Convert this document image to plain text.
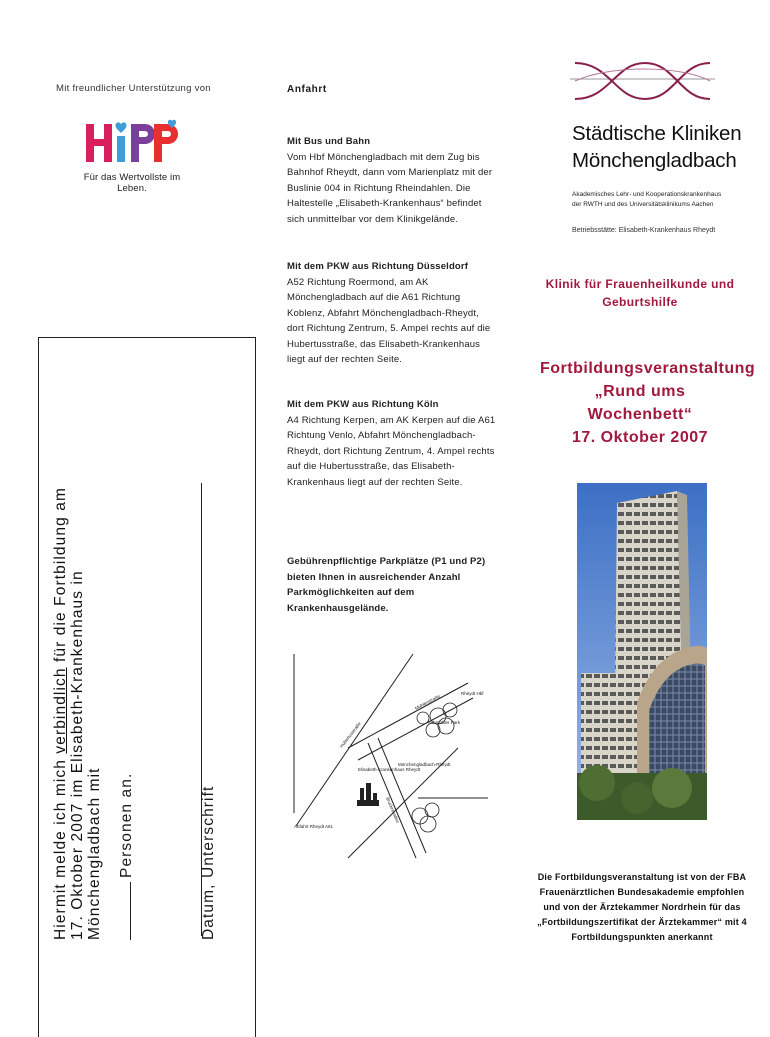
Mit freundlicher Unterstützung von
Für das Wertvollste im Leben.
Hiermit melde ich mich verbindlich für die Fortbildung am 17. Oktober 2007 im Elisabeth-Krankenhaus in Mönchengladbach mit Personen an.	Datum, Unterschrift
Anfahrt
Mit Bus und Bahn
Vom Hbf Mönchengladbach mit dem Zug bis Bahnhof Rheydt, dann vom Marienplatz mit der Buslinie 004 in Richtung Rheindahlen. Die Haltestelle „Elisabeth-Krankenhaus“ befindet sich unmittelbar vor dem Klinikgelände.
Mit dem PKW aus Richtung Düsseldorf
A52 Richtung Roermond, am AK Mönchengladbach auf die A61 Richtung Koblenz, Abfahrt Mönchengladbach-Rheydt, dort Richtung Zentrum, 5. Ampel rechts auf die Hubertusstraße, das Elisabeth-Krankenhaus liegt auf der rechten Seite.
Mit dem PKW aus Richtung Köln
A4 Richtung Kerpen, am AK Kerpen auf die A61 Richtung Venlo, Abfahrt Mönchengladbach-Rheydt, dort Richtung Zentrum, 4. Ampel rechts auf die Hubertusstraße, das Elisabeth-Krankenhaus liegt auf der rechten Seite.
Gebührenpflichtige Parkplätze (P1 und P2) bieten Ihnen in ausreichender Anzahl Parkmöglichkeiten auf dem Krankenhausgelände.
Rheydt Hbf
Mühlenstraße
Schmölder Park
Mönchengladbach-Rheydt
Hubertusstraße
Brucknerallee
Elisabeth-Krankenhaus Rheydt
Abfahrt Rheydt A61
Städtische Kliniken
Mönchengladbach
Akademisches Lehr- und Kooperationskrankenhaus
der RWTH und des Universitätsklinikums Aachen
Betriebsstätte: Elisabeth-Krankenhaus Rheydt
Klinik für Frauenheilkunde und Geburtshilfe
Fortbildungsveranstaltung
„Rund ums Wochenbett“
17. Oktober 2007
Die Fortbildungsveranstaltung ist von der FBA Frauenärztlichen Bundesakademie empfohlen und von der Ärztekammer Nordrhein für das „Fortbildungszertifikat der Ärztekammer“ mit 4 Fortbildungspunkten anerkannt
